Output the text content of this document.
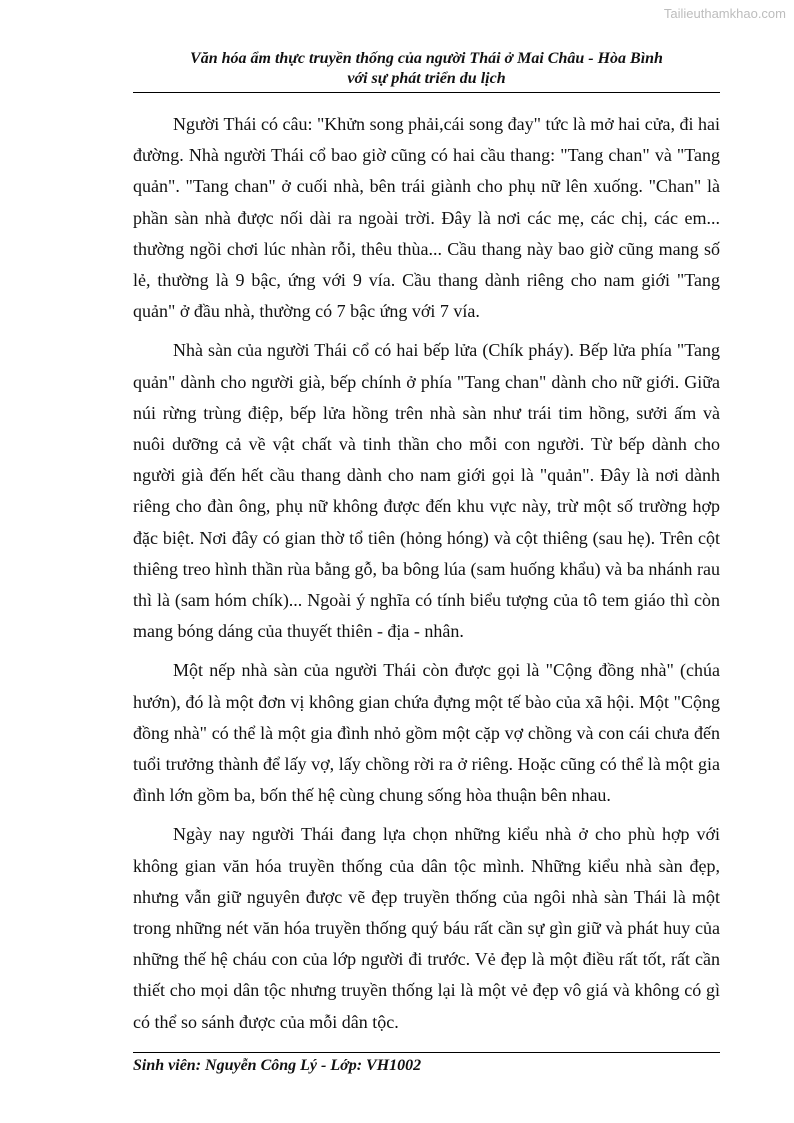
Tailieuthamkhao.com
Văn hóa ẩm thực truyền thống của người Thái ở Mai Châu - Hòa Bình
với sự phát triển du lịch

Người Thái có câu: "Khửn song phải,cái song đay" tức là mở hai cửa, đi hai đường. Nhà người Thái cổ bao giờ cũng có hai cầu thang: "Tang chan" và "Tang quản". "Tang chan" ở cuối nhà, bên trái giành cho phụ nữ lên xuống. "Chan" là phần sàn nhà được nối dài ra ngoài trời. Đây là nơi các mẹ, các chị, các em... thường ngồi chơi lúc nhàn rỗi, thêu thùa... Cầu thang này bao giờ cũng mang số lẻ, thường là 9 bậc, ứng với 9 vía. Cầu thang dành riêng cho nam giới "Tang quản" ở đầu nhà, thường có 7 bậc ứng với 7 vía.

Nhà sàn của người Thái cổ có hai bếp lửa (Chík pháy). Bếp lửa phía "Tang quản" dành cho người già, bếp chính ở phía "Tang chan" dành cho nữ giới. Giữa núi rừng trùng điệp, bếp lửa hồng trên nhà sàn như trái tim hồng, sưởi ấm và nuôi dưỡng cả về vật chất và tinh thần cho mỗi con người. Từ bếp dành cho người già đến hết cầu thang dành cho nam giới gọi là "quản". Đây là nơi dành riêng cho đàn ông, phụ nữ không được đến khu vực này, trừ một số trường hợp đặc biệt. Nơi đây có gian thờ tổ tiên (hỏng hóng) và cột thiêng (sau hẹ). Trên cột thiêng treo hình thần rùa bằng gỗ, ba bông lúa (sam huống khẩu) và ba nhánh rau thì là (sam hóm chík)... Ngoài ý nghĩa có tính biểu tượng của tô tem giáo thì còn mang bóng dáng của thuyết thiên - địa - nhân.

Một nếp nhà sàn của người Thái còn được gọi là "Cộng đồng nhà" (chúa hướn), đó là một đơn vị không gian chứa đựng một tế bào của xã hội. Một "Cộng đồng nhà" có thể là một gia đình nhỏ gồm một cặp vợ chồng và con cái chưa đến tuổi trưởng thành để lấy vợ, lấy chồng rời ra ở riêng. Hoặc cũng có thể là một gia đình lớn gồm ba, bốn thế hệ cùng chung sống hòa thuận bên nhau.

Ngày nay người Thái đang lựa chọn những kiểu nhà ở cho phù hợp với không gian văn hóa truyền thống của dân tộc mình. Những kiểu nhà sàn đẹp, nhưng vẫn giữ nguyên được vẽ đẹp truyền thống của ngôi nhà sàn Thái là một trong những nét văn hóa truyền thống quý báu rất cần sự gìn giữ và phát huy của những thế hệ cháu con của lớp người đi trước. Vẻ đẹp là một điều rất tốt, rất cần thiết cho mọi dân tộc nhưng truyền thống lại là một vẻ đẹp vô giá và không có gì có thể so sánh được của mỗi dân tộc.

Sinh viên: Nguyễn Công Lý - Lớp: VH1002
